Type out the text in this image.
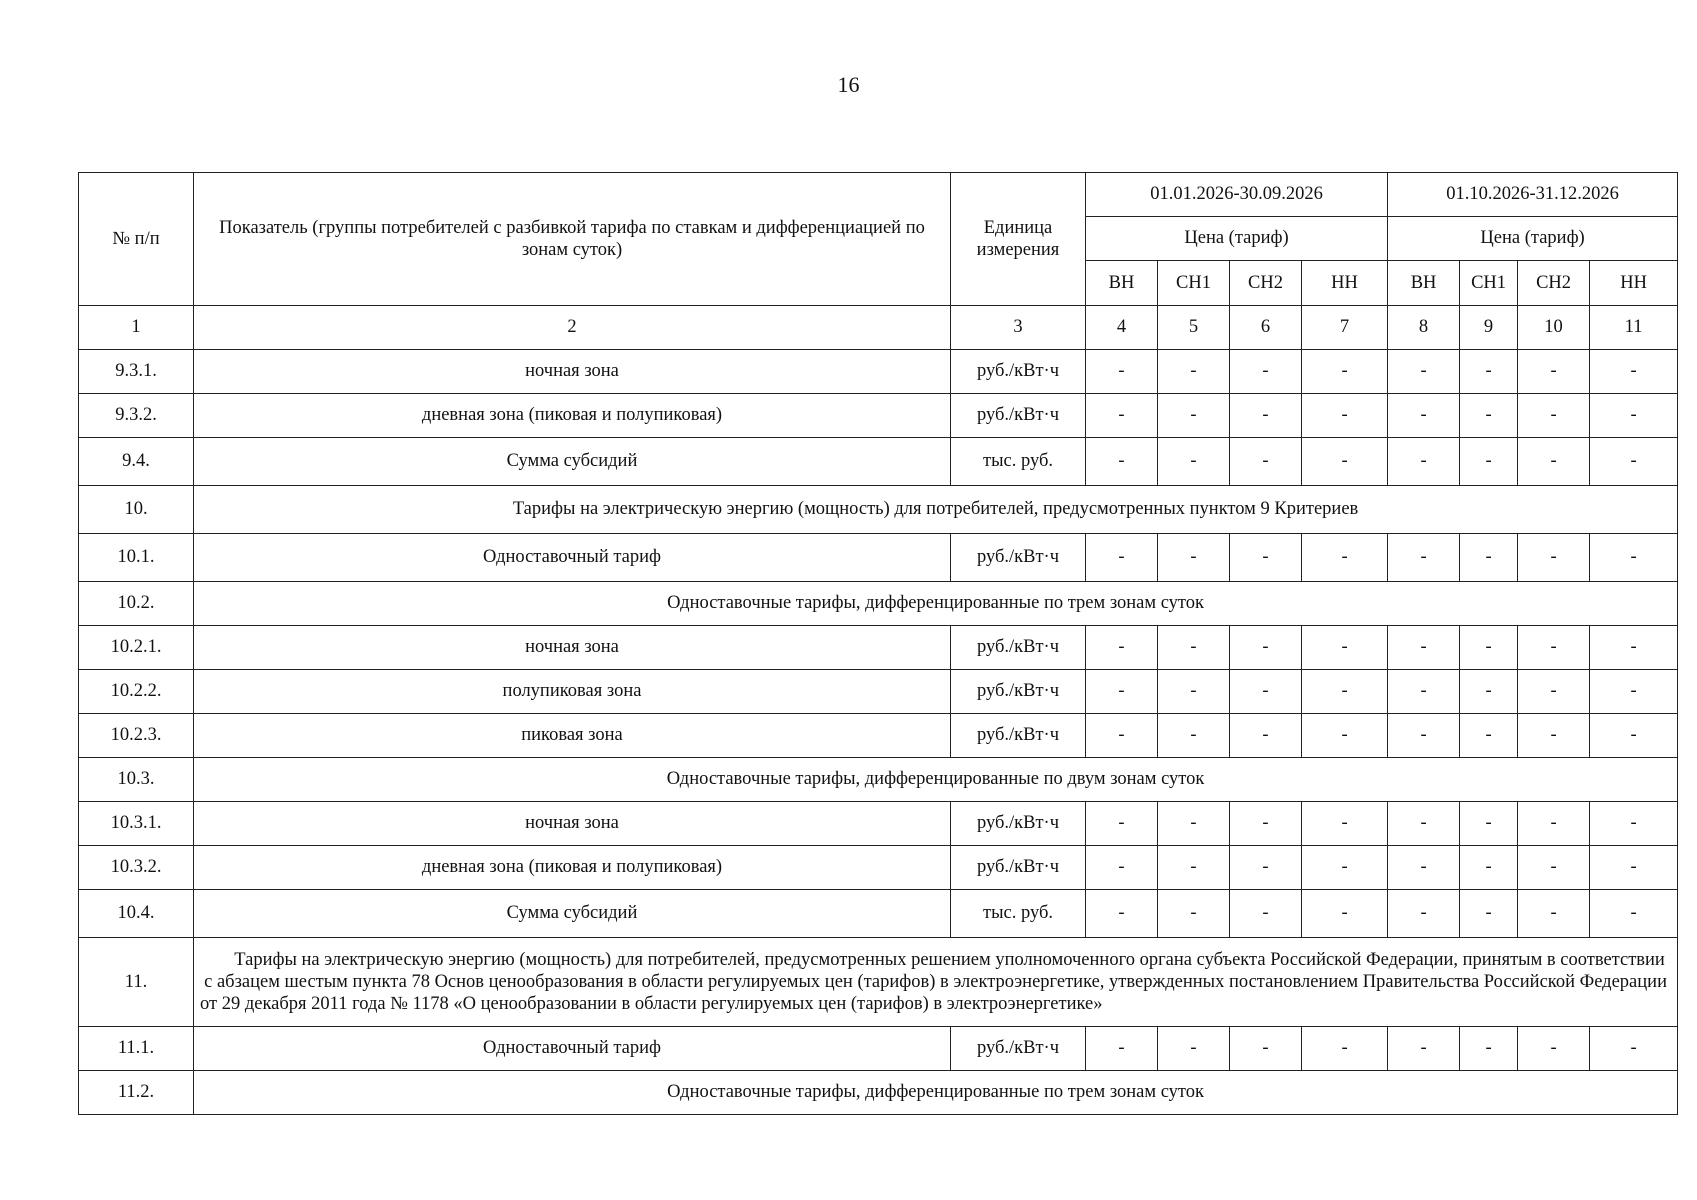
16
№ п/п	Показатель (группы потребителей с разбивкой тарифа по ставкам и дифференциацией по зонам суток)	Единица измерения	01.01.2026-30.09.2026				01.10.2026-31.12.2026			
			Цена (тариф)				Цена (тариф)			
			ВН	СН1	СН2	НН	ВН	СН1	СН2	НН
1	2	3	4	5	6	7	8	9	10	11
9.3.1.	ночная зона	руб./кВт·ч	-	-	-	-	-	-	-	-
9.3.2.	дневная зона (пиковая и полупиковая)	руб./кВт·ч	-	-	-	-	-	-	-	-
9.4.	Сумма субсидий	тыс. руб.	-	-	-	-	-	-	-	-
10.	Тарифы на электрическую энергию (мощность) для потребителей, предусмотренных пунктом 9 Критериев									
10.1.	Одноставочный тариф	руб./кВт·ч	-	-	-	-	-	-	-	-
10.2.	Одноставочные тарифы, дифференцированные по трем зонам суток									
10.2.1.	ночная зона	руб./кВт·ч	-	-	-	-	-	-	-	-
10.2.2.	полупиковая зона	руб./кВт·ч	-	-	-	-	-	-	-	-
10.2.3.	пиковая зона	руб./кВт·ч	-	-	-	-	-	-	-	-
10.3.	Одноставочные тарифы, дифференцированные по двум зонам суток									
10.3.1.	ночная зона	руб./кВт·ч	-	-	-	-	-	-	-	-
10.3.2.	дневная зона (пиковая и полупиковая)	руб./кВт·ч	-	-	-	-	-	-	-	-
10.4.	Сумма субсидий	тыс. руб.	-	-	-	-	-	-	-	-
11.	Тарифы на электрическую энергию (мощность) для потребителей, предусмотренных решением уполномоченного органа субъекта Российской Федерации, принятым в соответствии с абзацем шестым пункта 78 Основ ценообразования в области регулируемых цен (тарифов) в электроэнергетике, утвержденных постановлением Правительства Российской Федерации от 29 декабря 2011 года № 1178 «О ценообразовании в области регулируемых цен (тарифов) в электроэнергетике»									
11.1.	Одноставочный тариф	руб./кВт·ч	-	-	-	-	-	-	-	-
11.2.	Одноставочные тарифы, дифференцированные по трем зонам суток									
